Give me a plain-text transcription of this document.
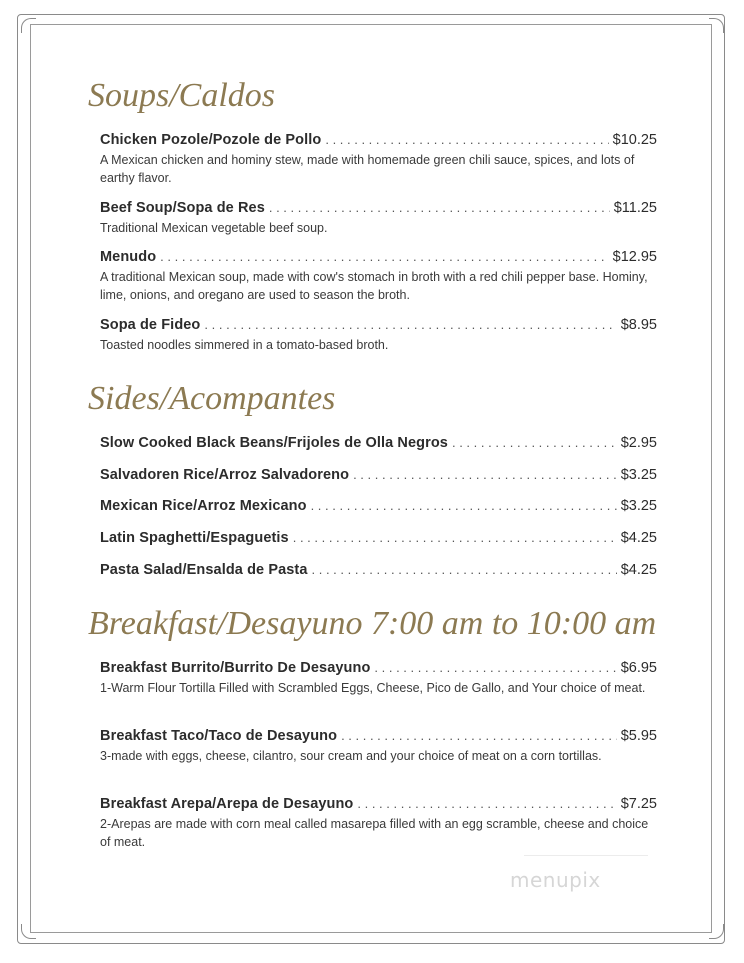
Soups/Caldos
Chicken Pozole/Pozole de Pollo . . .	$10.25
A Mexican chicken and hominy stew, made with homemade green chili sauce, spices, and lots of earthy flavor.
Beef Soup/Sopa de Res . . .	$11.25
Traditional Mexican vegetable beef soup.
Menudo . . .	$12.95
A traditional Mexican soup, made with cow's stomach in broth with a red chili pepper base. Hominy, lime, onions, and oregano are used to season the broth.
Sopa de Fideo . . .	$8.95
Toasted noodles simmered in a tomato-based broth.
Sides/Acompantes
Slow Cooked Black Beans/Frijoles de Olla Negros . . .	$2.95
Salvadoren Rice/Arroz Salvadoreno . . .	$3.25
Mexican Rice/Arroz Mexicano . . .	$3.25
Latin Spaghetti/Espaguetis . . .	$4.25
Pasta Salad/Ensalda de Pasta . . .	$4.25
Breakfast/Desayuno 7:00 am to 10:00 am
Breakfast Burrito/Burrito De Desayuno . . .	$6.95
1-Warm Flour Tortilla Filled with Scrambled Eggs, Cheese, Pico de Gallo, and Your choice of meat.
Breakfast Taco/Taco de Desayuno . . .	$5.95
3-made with eggs, cheese, cilantro, sour cream and your choice of meat on a corn tortillas.
Breakfast Arepa/Arepa de Desayuno . . .	$7.25
2-Arepas are made with corn meal called masarepa filled with an egg scramble, cheese and choice of meat.
menupix
